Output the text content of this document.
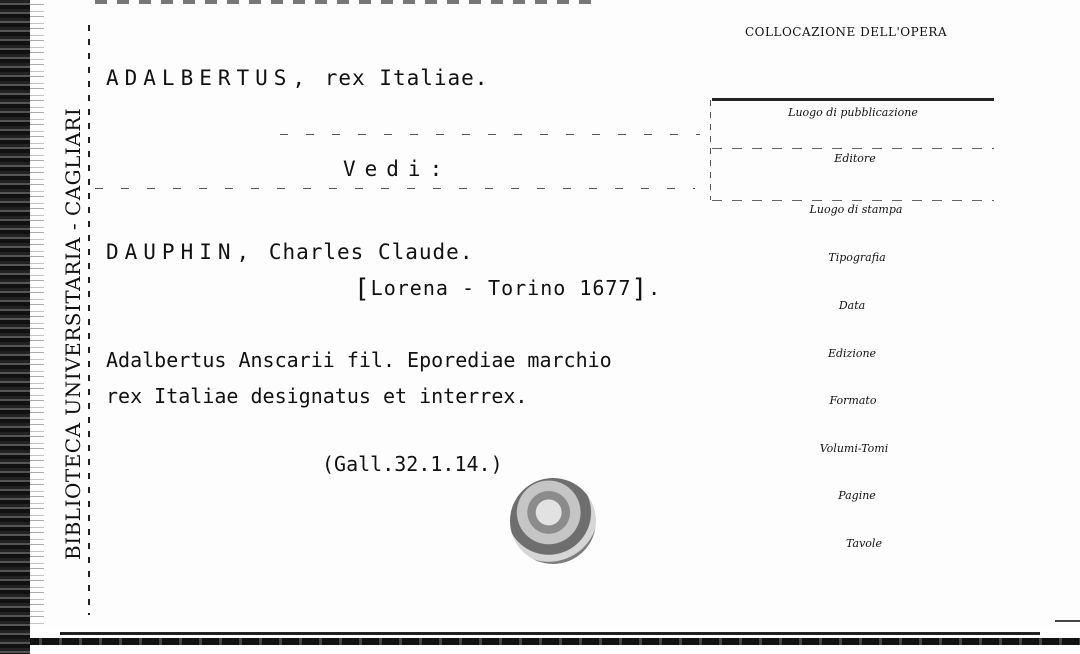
BIBLIOTECA UNIVERSITARIA - CAGLIARI
ADALBERTUS, rex Italiae.
Vedi:
DAUPHIN, Charles Claude.
[Lorena - Torino 1677].
Adalbertus Anscarii fil. Eporediae marchio
rex Italiae designatus et interrex.
(Gall.32.1.14.)
COLLOCAZIONE DELL'OPERA
Luogo di pubblicazione
Editore
Luogo di stampa
Tipografia
Data
Edizione
Formato
Volumi-Tomi
Pagine
Tavole
